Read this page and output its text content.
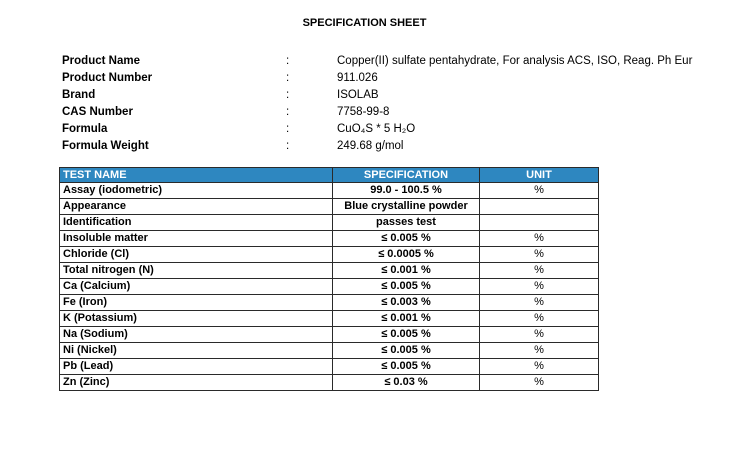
SPECIFICATION SHEET
Product Name	:	Copper(II) sulfate pentahydrate, For analysis ACS, ISO, Reag. Ph Eur
Product Number	:	911.026
Brand	:	ISOLAB
CAS Number	:	7758-99-8
Formula	:	CuO₄S * 5 H₂O
Formula Weight	:	249.68 g/mol
TEST NAME	SPECIFICATION	UNIT
Assay (iodometric)	99.0 - 100.5 %	%
Appearance	Blue crystalline powder	
Identification	passes test	
Insoluble matter	≤ 0.005 %	%
Chloride (Cl)	≤ 0.0005 %	%
Total nitrogen (N)	≤ 0.001 %	%
Ca (Calcium)	≤ 0.005 %	%
Fe (Iron)	≤ 0.003 %	%
K (Potassium)	≤ 0.001 %	%
Na (Sodium)	≤ 0.005 %	%
Ni (Nickel)	≤ 0.005 %	%
Pb (Lead)	≤ 0.005 %	%
Zn (Zinc)	≤ 0.03 %	%
